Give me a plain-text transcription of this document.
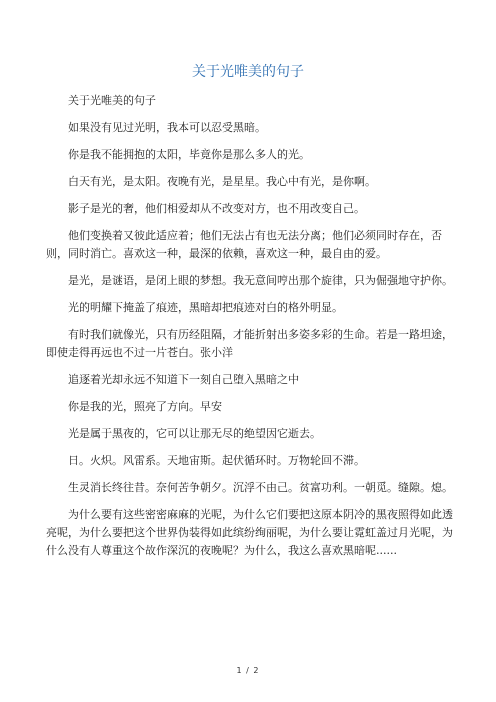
关于光唯美的句子

关于光唯美的句子

如果没有见过光明，我本可以忍受黑暗。

你是我不能拥抱的太阳，毕竟你是那么多人的光。

白天有光，是太阳。夜晚有光，是星星。我心中有光，是你啊。

影子是光的奢，他们相爱却从不改变对方，也不用改变自己。

他们变换着又彼此适应着；他们无法占有也无法分离；他们必须同时存在，否则，同时消亡。喜欢这一种，最深的依赖，喜欢这一种，最自由的爱。

是光，是谜语，是闭上眼的梦想。我无意间哼出那个旋律，只为倔强地守护你。

光的明耀下掩盖了痕迹，黑暗却把痕迹对白的格外明显。

有时我们就像光，只有历经阻隔，才能折射出多姿多彩的生命。若是一路坦途，即使走得再远也不过一片苍白。张小洋

追逐着光却永远不知道下一刻自己堕入黑暗之中

你是我的光，照亮了方向。早安

光是属于黑夜的，它可以让那无尽的绝望因它逝去。

日。火炽。风雷系。天地宙斯。起伏循环时。万物轮回不滞。

生灵消长终往昔。奈何苦争朝夕。沉浮不由己。贫富功利。一朝觅。缝隙。熄。

为什么要有这些密密麻麻的光呢，为什么它们要把这原本阴冷的黑夜照得如此透亮呢，为什么要把这个世界伪装得如此缤纷绚丽呢，为什么要让霓虹盖过月光呢，为什么没有人尊重这个故作深沉的夜晚呢？为什么，我这么喜欢黑暗呢......

1 / 2
